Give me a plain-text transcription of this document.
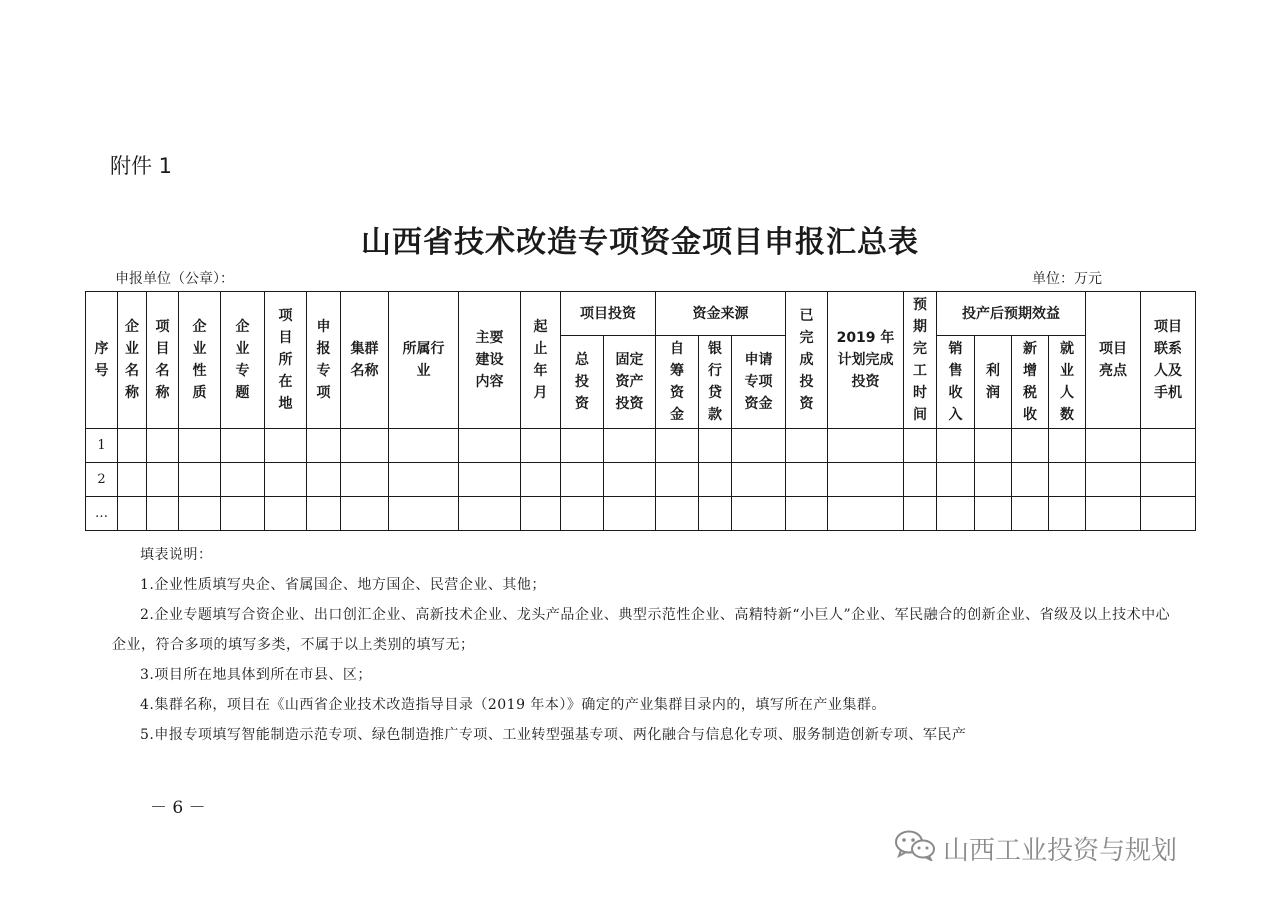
附件 1
山西省技术改造专项资金项目申报汇总表
申报单位（公章）：	单位：万元
序号	企业名称	项目名称	企业性质	企业专题	项目所在地	申报专项	集群名称	所属行业	主要建设内容	起止年月	项目投资		资金来源			已完成投资	2019 年计划完成投资	预期完工时间	投产后预期效益				项目亮点	项目联系人及手机
											总投资	固定资产投资	自筹资金	银行贷款	申请专项资金				销售收入	利润	新增税收	就业人数		
1																								
2																								
…																								

填表说明：

1.企业性质填写央企、省属国企、地方国企、民营企业、其他；

2.企业专题填写合资企业、出口创汇企业、高新技术企业、龙头产品企业、典型示范性企业、高精特新“小巨人”企业、军民融合的创新企业、省级及以上技术中心企业，符合多项的填写多类，不属于以上类别的填写无；

3.项目所在地具体到所在市县、区；

4.集群名称，项目在《山西省企业技术改造指导目录（2019 年本）》确定的产业集群目录内的，填写所在产业集群。

5.申报专项填写智能制造示范专项、绿色制造推广专项、工业转型强基专项、两化融合与信息化专项、服务制造创新专项、军民产

－ 6 －
山西工业投资与规划
